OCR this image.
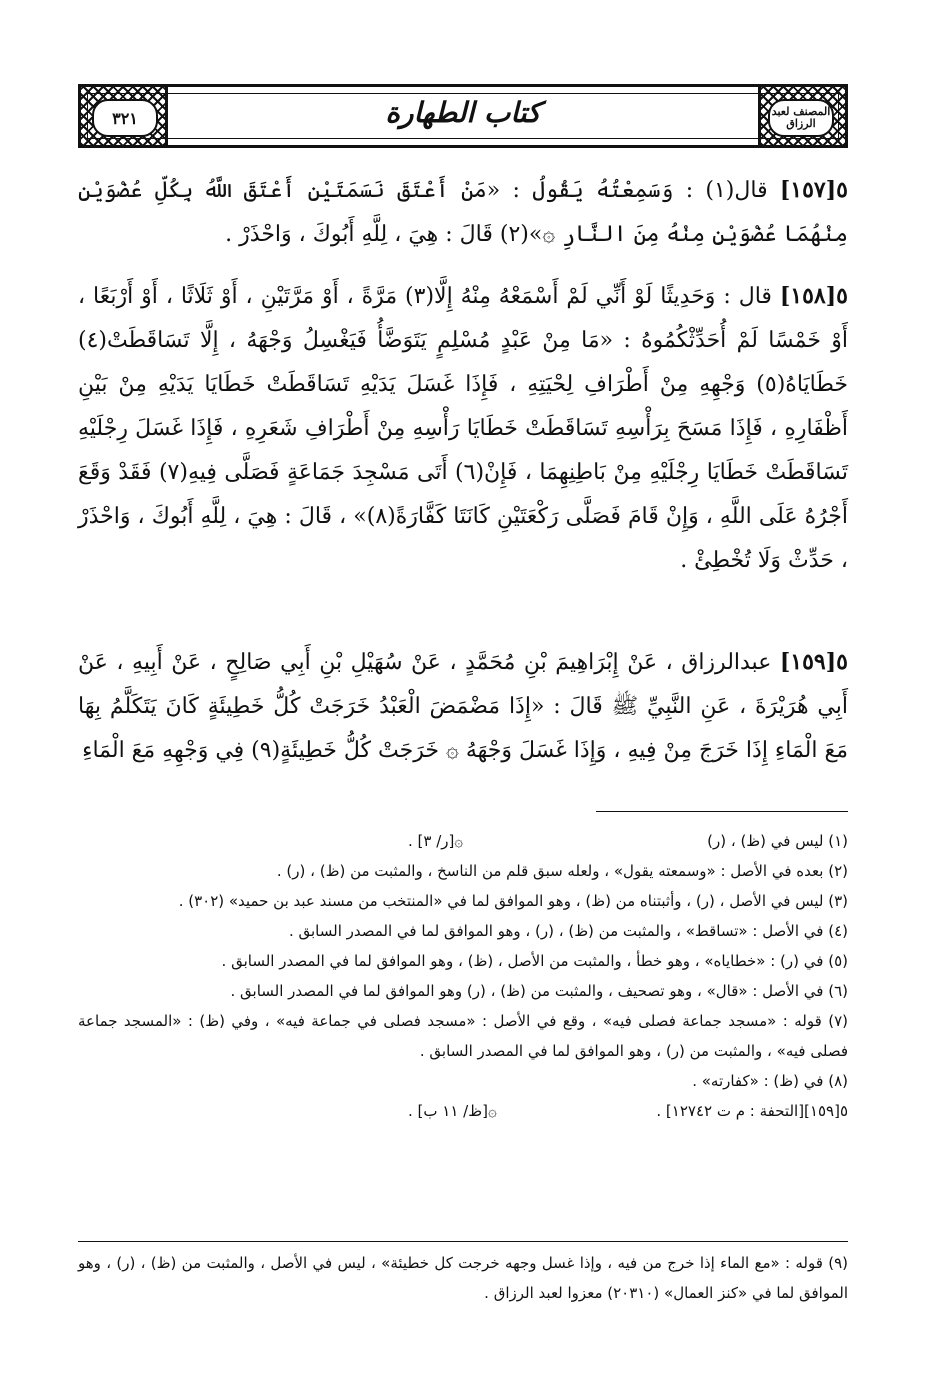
٣٢١	كتاب الطهارة	المصنف لعبد الرزاق

٥[١٥٧] قال(١) : وَسَمِعْتُهُ يَقُولُ : «مَنْ أَعْتَقَ نَسَمَتَيْنِ أَعْتَقَ اللَّهُ بِكُلِّ عُضْوَيْنِ مِنْهُمَا عُضْوَيْنِ مِنْهُ مِنَ النَّارِ ۞»(٢) قَالَ : هِيَ ، لِلَّهِ أَبُوكَ ، وَاحْذَرْ .

٥[١٥٨] قال : وَحَدِيثًا لَوْ أَنِّي لَمْ أَسْمَعْهُ مِنْهُ إِلَّا(٣) مَرَّةً ، أَوْ مَرَّتَيْنِ ، أَوْ ثَلَاثًا ، أَوْ أَرْبَعًا ، أَوْ خَمْسًا لَمْ أُحَدِّثْكُمُوهُ : «مَا مِنْ عَبْدٍ مُسْلِمٍ يَتَوَضَّأُ فَيَغْسِلُ وَجْهَهُ ، إِلَّا تَسَاقَطَتْ(٤) خَطَايَاهُ(٥) وَجْهِهِ مِنْ أَطْرَافِ لِحْيَتِهِ ، فَإِذَا غَسَلَ يَدَيْهِ تَسَاقَطَتْ خَطَايَا يَدَيْهِ مِنْ بَيْنِ أَظْفَارِهِ ، فَإِذَا مَسَحَ بِرَأْسِهِ تَسَاقَطَتْ خَطَايَا رَأْسِهِ مِنْ أَطْرَافِ شَعَرِهِ ، فَإِذَا غَسَلَ رِجْلَيْهِ تَسَاقَطَتْ خَطَايَا رِجْلَيْهِ مِنْ بَاطِنِهِمَا ، فَإِنْ(٦) أَتَى مَسْجِدَ جَمَاعَةٍ فَصَلَّى فِيهِ(٧) فَقَدْ وَقَعَ أَجْرُهُ عَلَى اللَّهِ ، وَإِنْ قَامَ فَصَلَّى رَكْعَتَيْنِ كَانَتَا كَفَّارَةً(٨)» ، قَالَ : هِيَ ، لِلَّهِ أَبُوكَ ، وَاحْذَرْ ، حَدِّثْ وَلَا تُخْطِئْ .

٥[١٥٩] عبدالرزاق ، عَنْ إِبْرَاهِيمَ بْنِ مُحَمَّدٍ ، عَنْ سُهَيْلِ بْنِ أَبِي صَالِحٍ ، عَنْ أَبِيهِ ، عَنْ أَبِي هُرَيْرَةَ ، عَنِ النَّبِيِّ ﷺ قَالَ : «إِذَا مَضْمَضَ الْعَبْدُ خَرَجَتْ كُلُّ خَطِيئَةٍ كَانَ يَتَكَلَّمُ بِهَا مَعَ الْمَاءِ إِذَا خَرَجَ مِنْ فِيهِ ، وَإِذَا غَسَلَ وَجْهَهُ ۞ خَرَجَتْ كُلُّ خَطِيئَةٍ(٩) فِي وَجْهِهِ مَعَ الْمَاءِ

(١) ليس في (ظ) ، (ر)
۞[ر/ ٣] .

(٢) بعده في الأصل : «وسمعته يقول» ، ولعله سبق قلم من الناسخ ، والمثبت من (ظ) ، (ر) .

(٣) ليس في الأصل ، (ر) ، وأثبتناه من (ظ) ، وهو الموافق لما في «المنتخب من مسند عبد بن حميد» (٣٠٢) .

(٤) في الأصل : «تساقط» ، والمثبت من (ظ) ، (ر) ، وهو الموافق لما في المصدر السابق .

(٥) في (ر) : «خطاياه» ، وهو خطأ ، والمثبت من الأصل ، (ظ) ، وهو الموافق لما في المصدر السابق .

(٦) في الأصل : «قال» ، وهو تصحيف ، والمثبت من (ظ) ، (ر) وهو الموافق لما في المصدر السابق .

(٧) قوله : «مسجد جماعة فصلى فيه» ، وقع في الأصل : «مسجد فصلى في جماعة فيه» ، وفي (ظ) : «المسجد جماعة فصلى فيه» ، والمثبت من (ر) ، وهو الموافق لما في المصدر السابق .

(٨) في (ظ) : «كفارته» .

٥[١٥٩][التحفة : م ت ١٢٧٤٢] .
۞[ظ/ ١١ ب] .

(٩) قوله : «مع الماء إذا خرج من فيه ، وإذا غسل وجهه خرجت كل خطيئة» ، ليس في الأصل ، والمثبت من (ظ) ، (ر) ، وهو الموافق لما في «كنز العمال» (٢٠٣١٠) معزوا لعبد الرزاق .
